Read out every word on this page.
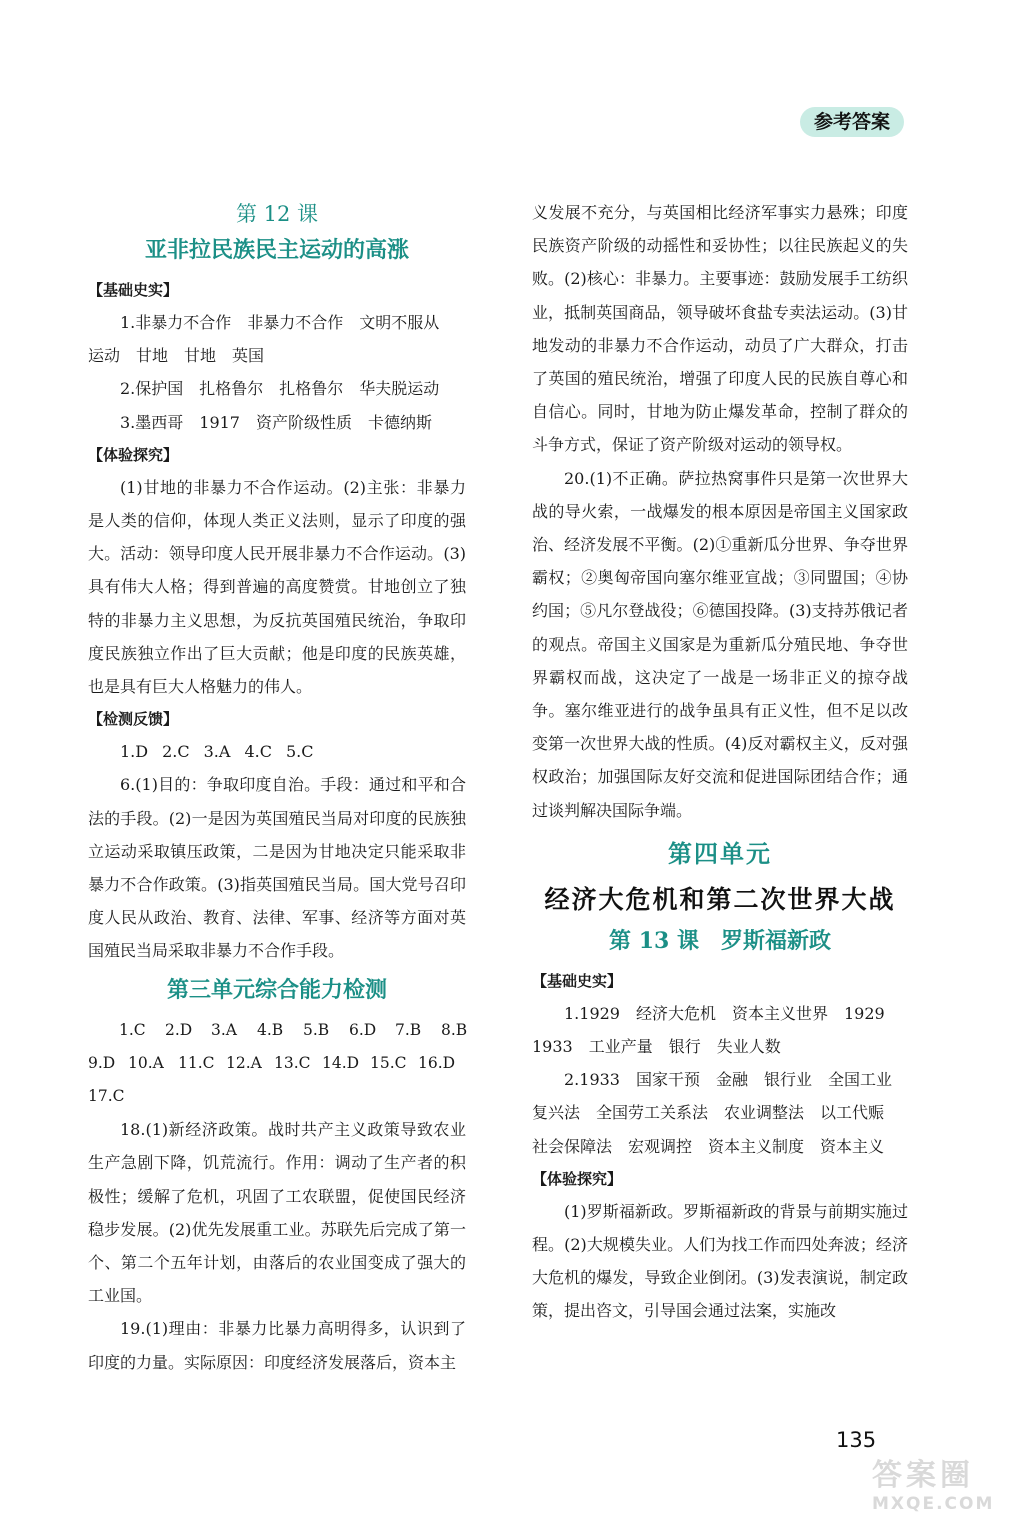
参考答案

第 12 课

亚非拉民族民主运动的高涨

【基础史实】

1.非暴力不合作　非暴力不合作　文明不服从

运动　甘地　甘地　英国

2.保护国　扎格鲁尔　扎格鲁尔　华夫脱运动

3.墨西哥　1917　资产阶级性质　卡德纳斯

【体验探究】

(1)甘地的非暴力不合作运动。(2)主张：非暴力是人类的信仰，体现人类正义法则，显示了印度的强大。活动：领导印度人民开展非暴力不合作运动。(3)具有伟大人格；得到普遍的高度赞赏。甘地创立了独特的非暴力主义思想，为反抗英国殖民统治，争取印度民族独立作出了巨大贡献；他是印度的民族英雄，也是具有巨大人格魅力的伟人。

【检测反馈】

1.D 2.C 3.A 4.C 5.C

6.(1)目的：争取印度自治。手段：通过和平和合法的手段。(2)一是因为英国殖民当局对印度的民族独立运动采取镇压政策，二是因为甘地决定只能采取非暴力不合作政策。(3)指英国殖民当局。国大党号召印度人民从政治、教育、法律、军事、经济等方面对英国殖民当局采取非暴力不合作手段。

第三单元综合能力检测

1.C 2.D 3.A 4.B 5.B 6.D 7.B 8.B
9.D 10.A 11.C 12.A 13.C 14.D 15.C 16.D
17.C

18.(1)新经济政策。战时共产主义政策导致农业生产急剧下降，饥荒流行。作用：调动了生产者的积极性；缓解了危机，巩固了工农联盟，促使国民经济稳步发展。(2)优先发展重工业。苏联先后完成了第一个、第二个五年计划，由落后的农业国变成了强大的工业国。

19.(1)理由：非暴力比暴力高明得多，认识到了印度的力量。实际原因：印度经济发展落后，资本主

义发展不充分，与英国相比经济军事实力悬殊；印度民族资产阶级的动摇性和妥协性；以往民族起义的失败。(2)核心：非暴力。主要事迹：鼓励发展手工纺织业，抵制英国商品，领导破坏食盐专卖法运动。(3)甘地发动的非暴力不合作运动，动员了广大群众，打击了英国的殖民统治，增强了印度人民的民族自尊心和自信心。同时，甘地为防止爆发革命，控制了群众的斗争方式，保证了资产阶级对运动的领导权。

20.(1)不正确。萨拉热窝事件只是第一次世界大战的导火索，一战爆发的根本原因是帝国主义国家政治、经济发展不平衡。(2)①重新瓜分世界、争夺世界霸权；②奥匈帝国向塞尔维亚宣战；③同盟国；④协约国；⑤凡尔登战役；⑥德国投降。(3)支持苏俄记者的观点。帝国主义国家是为重新瓜分殖民地、争夺世界霸权而战，这决定了一战是一场非正义的掠夺战争。塞尔维亚进行的战争虽具有正义性，但不足以改变第一次世界大战的性质。(4)反对霸权主义，反对强权政治；加强国际友好交流和促进国际团结合作；通过谈判解决国际争端。

第四单元

经济大危机和第二次世界大战

第 13 课　罗斯福新政

【基础史实】

1.1929　经济大危机　资本主义世界　1929

1933　工业产量　银行　失业人数

2.1933　国家干预　金融　银行业　全国工业

复兴法　全国劳工关系法　农业调整法　以工代赈

社会保障法　宏观调控　资本主义制度　资本主义

【体验探究】

(1)罗斯福新政。罗斯福新政的背景与前期实施过程。(2)大规模失业。人们为找工作而四处奔波；经济大危机的爆发，导致企业倒闭。(3)发表演说，制定政策，提出咨文，引导国会通过法案，实施改

135
答案圈
MXQE.COM
